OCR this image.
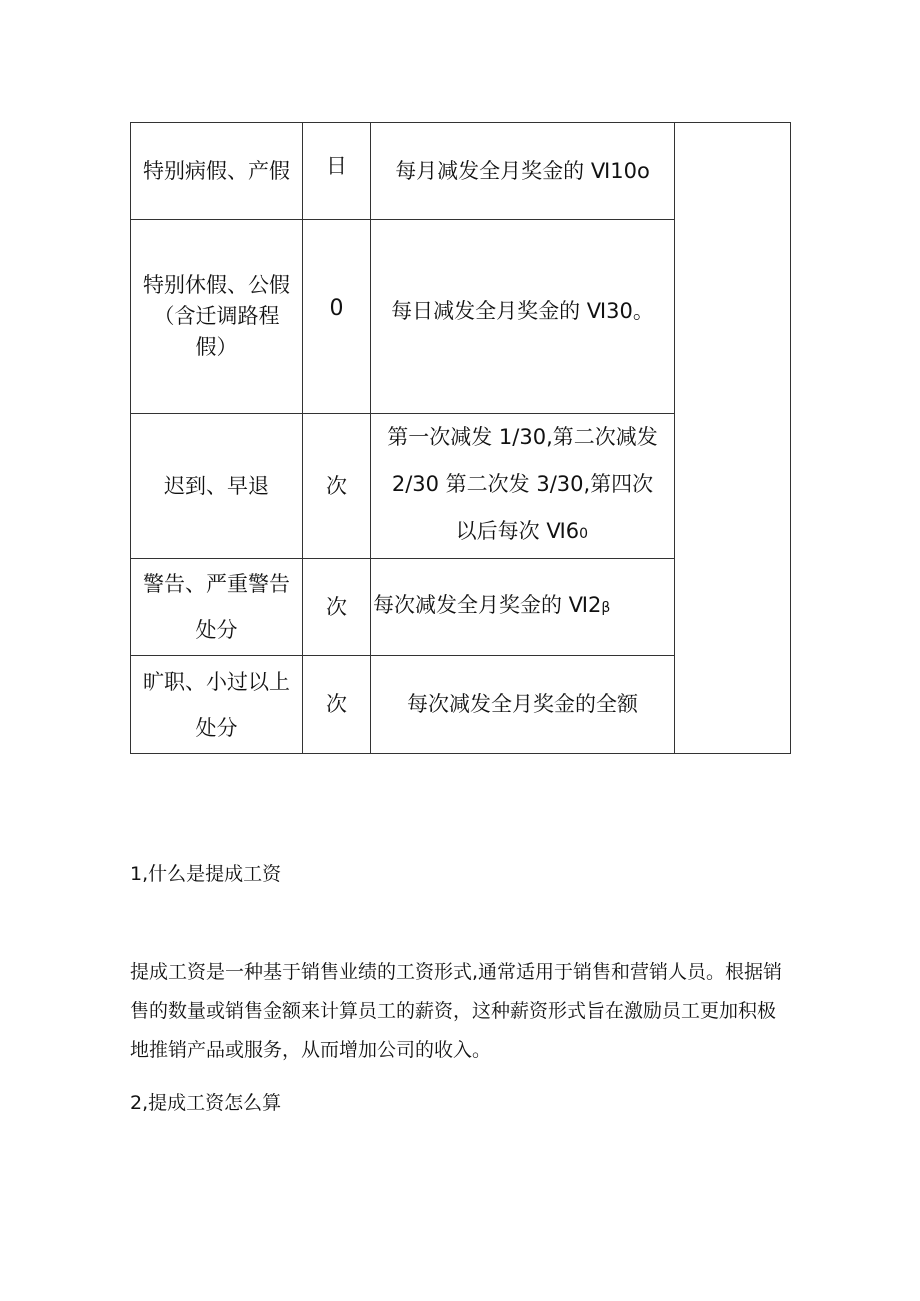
特别病假、产假	日	每月减发全月奖金的 Ⅵ10o	

特别休假、公假
（含迁调路程
假）	0	每日减发全月奖金的 Ⅵ30。	

迟到、早退	次	第一次减发 1/30,第二次减发
2/30 第二次发 3/30,第四次
以后每次 Ⅵ60	

警告、严重警告
处分	次	每次减发全月奖金的 Ⅵ2β	

旷职、小过以上
处分	次	每次减发全月奖金的全额	
1,什么是提成工资

提成工资是一种基于销售业绩的工资形式,通常适用于销售和营销人员。根据销售的数量或销售金额来计算员工的薪资，这种薪资形式旨在激励员工更加积极地推销产品或服务，从而增加公司的收入。

2,提成工资怎么算
